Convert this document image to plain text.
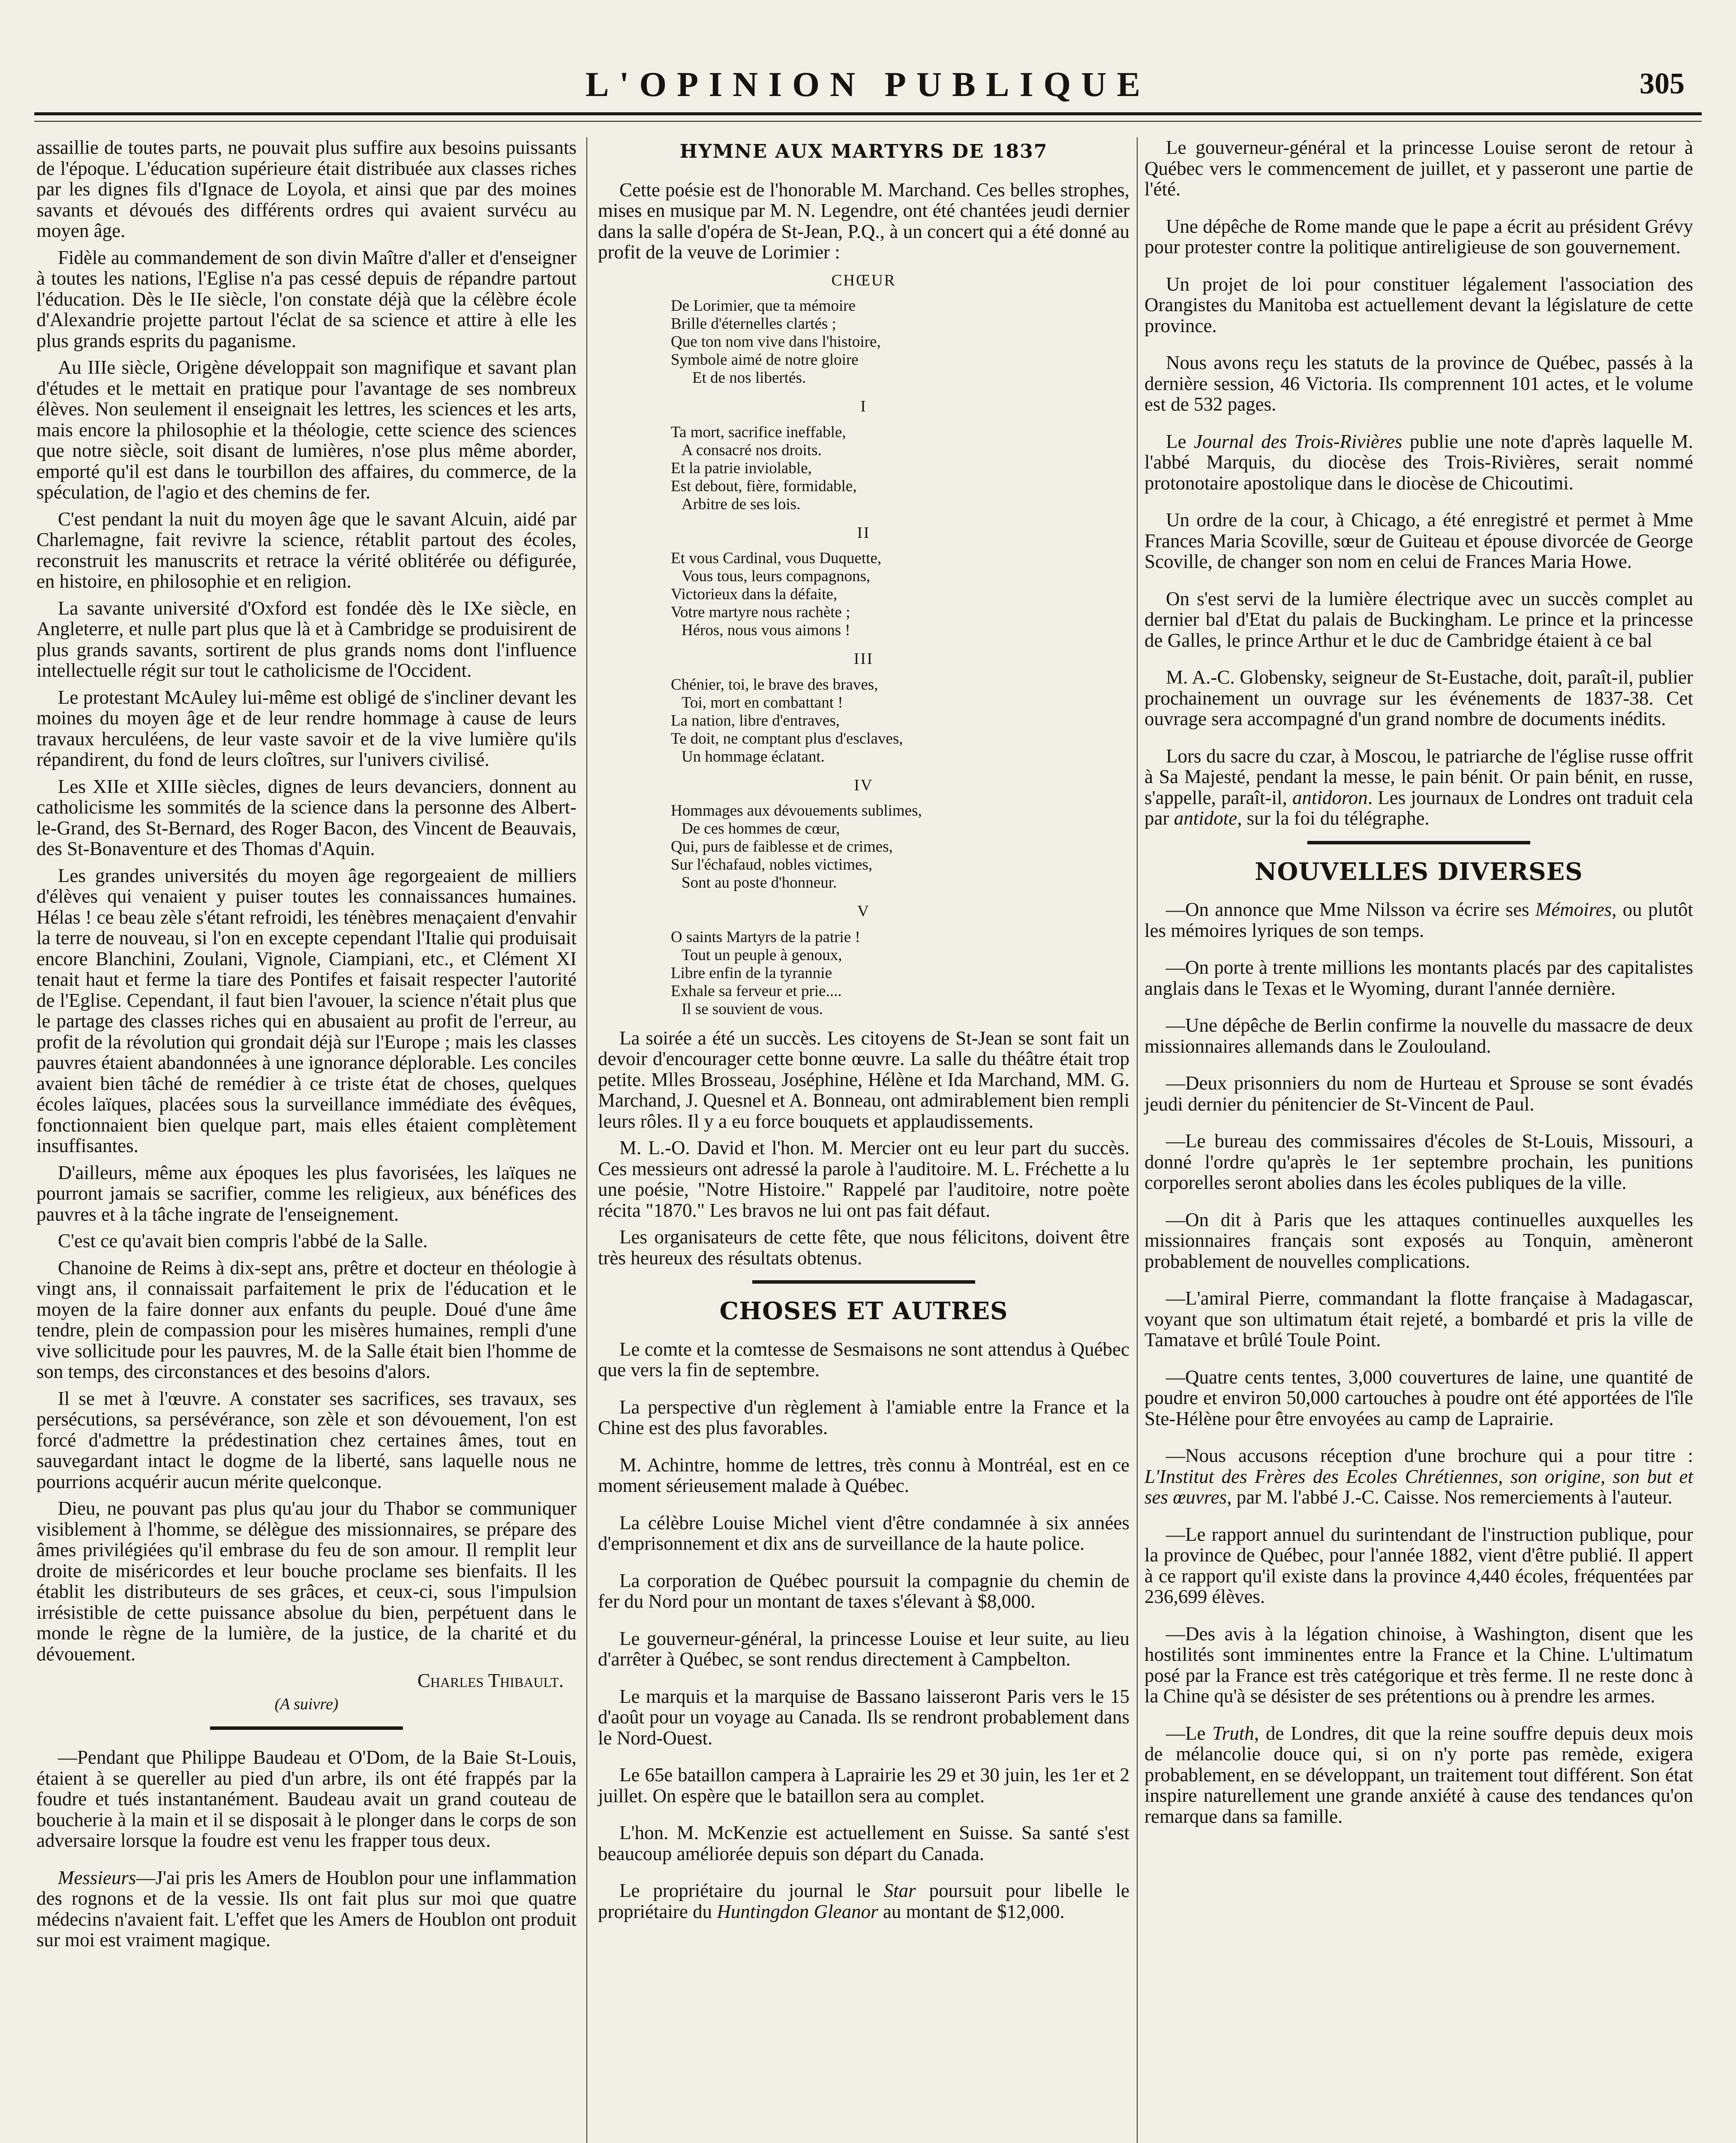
L'OPINION PUBLIQUE	305

assaillie de toutes parts, ne pouvait plus suffire aux besoins puissants de l'époque. L'éducation supérieure était distribuée aux classes riches par les dignes fils d'Ignace de Loyola, et ainsi que par des moines savants et dévoués des différents ordres qui avaient survécu au moyen âge.

Fidèle au commandement de son divin Maître d'aller et d'enseigner à toutes les nations, l'Eglise n'a pas cessé depuis de répandre partout l'éducation. Dès le IIe siècle, l'on constate déjà que la célèbre école d'Alexandrie projette partout l'éclat de sa science et attire à elle les plus grands esprits du paganisme.

Au IIIe siècle, Origène développait son magnifique et savant plan d'études et le mettait en pratique pour l'avantage de ses nombreux élèves. Non seulement il enseignait les lettres, les sciences et les arts, mais encore la philosophie et la théologie, cette science des sciences que notre siècle, soit disant de lumières, n'ose plus même aborder, emporté qu'il est dans le tourbillon des affaires, du commerce, de la spéculation, de l'agio et des chemins de fer.

C'est pendant la nuit du moyen âge que le savant Alcuin, aidé par Charlemagne, fait revivre la science, rétablit partout des écoles, reconstruit les manuscrits et retrace la vérité oblitérée ou défigurée, en histoire, en philosophie et en religion.

La savante université d'Oxford est fondée dès le IXe siècle, en Angleterre, et nulle part plus que là et à Cambridge se produisirent de plus grands savants, sortirent de plus grands noms dont l'influence intellectuelle régit sur tout le catholicisme de l'Occident.

Le protestant McAuley lui-même est obligé de s'incliner devant les moines du moyen âge et de leur rendre hommage à cause de leurs travaux herculéens, de leur vaste savoir et de la vive lumière qu'ils répandirent, du fond de leurs cloîtres, sur l'univers civilisé.

Les XIIe et XIIIe siècles, dignes de leurs devanciers, donnent au catholicisme les sommités de la science dans la personne des Albert-le-Grand, des St-Bernard, des Roger Bacon, des Vincent de Beauvais, des St-Bonaventure et des Thomas d'Aquin.

Les grandes universités du moyen âge regorgeaient de milliers d'élèves qui venaient y puiser toutes les connaissances humaines. Hélas ! ce beau zèle s'étant refroidi, les ténèbres menaçaient d'envahir la terre de nouveau, si l'on en excepte cependant l'Italie qui produisait encore Blanchini, Zoulani, Vignole, Ciampiani, etc., et Clément XI tenait haut et ferme la tiare des Pontifes et faisait respecter l'autorité de l'Eglise. Cependant, il faut bien l'avouer, la science n'était plus que le partage des classes riches qui en abusaient au profit de l'erreur, au profit de la révolution qui grondait déjà sur l'Europe ; mais les classes pauvres étaient abandonnées à une ignorance déplorable. Les conciles avaient bien tâché de remédier à ce triste état de choses, quelques écoles laïques, placées sous la surveillance immédiate des évêques, fonctionnaient bien quelque part, mais elles étaient complètement insuffisantes.

D'ailleurs, même aux époques les plus favorisées, les laïques ne pourront jamais se sacrifier, comme les religieux, aux bénéfices des pauvres et à la tâche ingrate de l'enseignement.

C'est ce qu'avait bien compris l'abbé de la Salle.

Chanoine de Reims à dix-sept ans, prêtre et docteur en théologie à vingt ans, il connaissait parfaitement le prix de l'éducation et le moyen de la faire donner aux enfants du peuple. Doué d'une âme tendre, plein de compassion pour les misères humaines, rempli d'une vive sollicitude pour les pauvres, M. de la Salle était bien l'homme de son temps, des circonstances et des besoins d'alors.

Il se met à l'œuvre. A constater ses sacrifices, ses travaux, ses persécutions, sa persévérance, son zèle et son dévouement, l'on est forcé d'admettre la prédestination chez certaines âmes, tout en sauvegardant intact le dogme de la liberté, sans laquelle nous ne pourrions acquérir aucun mérite quelconque.

Dieu, ne pouvant pas plus qu'au jour du Thabor se communiquer visiblement à l'homme, se délègue des missionnaires, se prépare des âmes privilégiées qu'il embrase du feu de son amour. Il remplit leur droite de miséricordes et leur bouche proclame ses bienfaits. Il les établit les distributeurs de ses grâces, et ceux-ci, sous l'impulsion irrésistible de cette puissance absolue du bien, perpétuent dans le monde le règne de la lumière, de la justice, de la charité et du dévouement.

Charles Thibault.
(A suivre)

—Pendant que Philippe Baudeau et O'Dom, de la Baie St-Louis, étaient à se quereller au pied d'un arbre, ils ont été frappés par la foudre et tués instantanément. Baudeau avait un grand couteau de boucherie à la main et il se disposait à le plonger dans le corps de son adversaire lorsque la foudre est venu les frapper tous deux.

Messieurs—J'ai pris les Amers de Houblon pour une inflammation des rognons et de la vessie. Ils ont fait plus sur moi que quatre médecins n'avaient fait. L'effet que les Amers de Houblon ont produit sur moi est vraiment magique.

HYMNE AUX MARTYRS DE 1837

Cette poésie est de l'honorable M. Marchand. Ces belles strophes, mises en musique par M. N. Legendre, ont été chantées jeudi dernier dans la salle d'opéra de St-Jean, P.Q., à un concert qui a été donné au profit de la veuve de Lorimier :

CHŒUR
De Lorimier, que ta mémoire
Brille d'éternelles clartés ;
Que ton nom vive dans l'histoire,
Symbole aimé de notre gloire
Et de nos libertés.
I
Ta mort, sacrifice ineffable,
A consacré nos droits.
Et la patrie inviolable,
Est debout, fière, formidable,
Arbitre de ses lois.
II
Et vous Cardinal, vous Duquette,
Vous tous, leurs compagnons,
Victorieux dans la défaite,
Votre martyre nous rachète ;
Héros, nous vous aimons !
III
Chénier, toi, le brave des braves,
Toi, mort en combattant !
La nation, libre d'entraves,
Te doit, ne comptant plus d'esclaves,
Un hommage éclatant.
IV
Hommages aux dévouements sublimes,
De ces hommes de cœur,
Qui, purs de faiblesse et de crimes,
Sur l'échafaud, nobles victimes,
Sont au poste d'honneur.
V
O saints Martyrs de la patrie !
Tout un peuple à genoux,
Libre enfin de la tyrannie
Exhale sa ferveur et prie....
Il se souvient de vous.

La soirée a été un succès. Les citoyens de St-Jean se sont fait un devoir d'encourager cette bonne œuvre. La salle du théâtre était trop petite. Mlles Brosseau, Joséphine, Hélène et Ida Marchand, MM. G. Marchand, J. Quesnel et A. Bonneau, ont admirablement bien rempli leurs rôles. Il y a eu force bouquets et applaudissements.

M. L.-O. David et l'hon. M. Mercier ont eu leur part du succès. Ces messieurs ont adressé la parole à l'auditoire. M. L. Fréchette a lu une poésie, "Notre Histoire." Rappelé par l'auditoire, notre poète récita "1870." Les bravos ne lui ont pas fait défaut.

Les organisateurs de cette fête, que nous félicitons, doivent être très heureux des résultats obtenus.

CHOSES ET AUTRES

Le comte et la comtesse de Sesmaisons ne sont attendus à Québec que vers la fin de septembre.

La perspective d'un règlement à l'amiable entre la France et la Chine est des plus favorables.

M. Achintre, homme de lettres, très connu à Montréal, est en ce moment sérieusement malade à Québec.

La célèbre Louise Michel vient d'être condamnée à six années d'emprisonnement et dix ans de surveillance de la haute police.

La corporation de Québec poursuit la compagnie du chemin de fer du Nord pour un montant de taxes s'élevant à $8,000.

Le gouverneur-général, la princesse Louise et leur suite, au lieu d'arrêter à Québec, se sont rendus directement à Campbelton.

Le marquis et la marquise de Bassano laisseront Paris vers le 15 d'août pour un voyage au Canada. Ils se rendront probablement dans le Nord-Ouest.

Le 65e bataillon campera à Laprairie les 29 et 30 juin, les 1er et 2 juillet. On espère que le bataillon sera au complet.

L'hon. M. McKenzie est actuellement en Suisse. Sa santé s'est beaucoup améliorée depuis son départ du Canada.

Le propriétaire du journal le Star poursuit pour libelle le propriétaire du Huntingdon Gleanor au montant de $12,000.

Le gouverneur-général et la princesse Louise seront de retour à Québec vers le commencement de juillet, et y passeront une partie de l'été.

Une dépêche de Rome mande que le pape a écrit au président Grévy pour protester contre la politique antireligieuse de son gouvernement.

Un projet de loi pour constituer légalement l'association des Orangistes du Manitoba est actuellement devant la législature de cette province.

Nous avons reçu les statuts de la province de Québec, passés à la dernière session, 46 Victoria. Ils comprennent 101 actes, et le volume est de 532 pages.

Le Journal des Trois-Rivières publie une note d'après laquelle M. l'abbé Marquis, du diocèse des Trois-Rivières, serait nommé protonotaire apostolique dans le diocèse de Chicoutimi.

Un ordre de la cour, à Chicago, a été enregistré et permet à Mme Frances Maria Scoville, sœur de Guiteau et épouse divorcée de George Scoville, de changer son nom en celui de Frances Maria Howe.

On s'est servi de la lumière électrique avec un succès complet au dernier bal d'Etat du palais de Buckingham. Le prince et la princesse de Galles, le prince Arthur et le duc de Cambridge étaient à ce bal

M. A.-C. Globensky, seigneur de St-Eustache, doit, paraît-il, publier prochainement un ouvrage sur les événements de 1837-38. Cet ouvrage sera accompagné d'un grand nombre de documents inédits.

Lors du sacre du czar, à Moscou, le patriarche de l'église russe offrit à Sa Majesté, pendant la messe, le pain bénit. Or pain bénit, en russe, s'appelle, paraît-il, antidoron. Les journaux de Londres ont traduit cela par antidote, sur la foi du télégraphe.

NOUVELLES DIVERSES

—On annonce que Mme Nilsson va écrire ses Mémoires, ou plutôt les mémoires lyriques de son temps.

—On porte à trente millions les montants placés par des capitalistes anglais dans le Texas et le Wyoming, durant l'année dernière.

—Une dépêche de Berlin confirme la nouvelle du massacre de deux missionnaires allemands dans le Zoulouland.

—Deux prisonniers du nom de Hurteau et Sprouse se sont évadés jeudi dernier du pénitencier de St-Vincent de Paul.

—Le bureau des commissaires d'écoles de St-Louis, Missouri, a donné l'ordre qu'après le 1er septembre prochain, les punitions corporelles seront abolies dans les écoles publiques de la ville.

—On dit à Paris que les attaques continuelles auxquelles les missionnaires français sont exposés au Tonquin, amèneront probablement de nouvelles complications.

—L'amiral Pierre, commandant la flotte française à Madagascar, voyant que son ultimatum était rejeté, a bombardé et pris la ville de Tamatave et brûlé Toule Point.

—Quatre cents tentes, 3,000 couvertures de laine, une quantité de poudre et environ 50,000 cartouches à poudre ont été apportées de l'île Ste-Hélène pour être envoyées au camp de Laprairie.

—Nous accusons réception d'une brochure qui a pour titre : L'Institut des Frères des Ecoles Chrétiennes, son origine, son but et ses œuvres, par M. l'abbé J.-C. Caisse. Nos remerciements à l'auteur.

—Le rapport annuel du surintendant de l'instruction publique, pour la province de Québec, pour l'année 1882, vient d'être publié. Il appert à ce rapport qu'il existe dans la province 4,440 écoles, fréquentées par 236,699 élèves.

—Des avis à la légation chinoise, à Washington, disent que les hostilités sont imminentes entre la France et la Chine. L'ultimatum posé par la France est très catégorique et très ferme. Il ne reste donc à la Chine qu'à se désister de ses prétentions ou à prendre les armes.

—Le Truth, de Londres, dit que la reine souffre depuis deux mois de mélancolie douce qui, si on n'y porte pas remède, exigera probablement, en se développant, un traitement tout différent. Son état inspire naturellement une grande anxiété à cause des tendances qu'on remarque dans sa famille.
